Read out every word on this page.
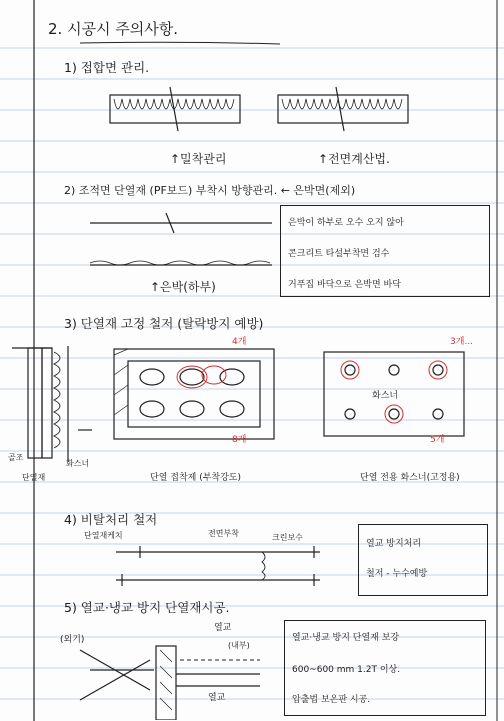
2. 시공시 주의사항.
1) 접합면 관리.
↑밀착관리	↑전면계산법.
2) 조적면 단열재 (PF보드) 부착시 방향관리. ← 은박면(제외)
↑은박(하부)
은박이 하부로 오수 오지 않아
콘크리트 타설부착면 검수
거푸집 바닥으로 은박면 바닥
3) 단열재 고정 철저 (탈락방지 예방)
골조
화스너
단열재
4개
8개
3개...
화스너
5개
단열 접착제 (부착강도)	단열 전용 화스너(고정용)
4) 비탈처리 철저
단열재케치	전면부착	크린보수
열교 방지처리
철저 - 누수예방
5) 열교·냉교 방지 단열재시공.
(외기)
열교
(내부)
열교
열교·냉교 방지 단열재 보강
600~600 mm 1.2T 이상.
압출법 보온판 시공.
